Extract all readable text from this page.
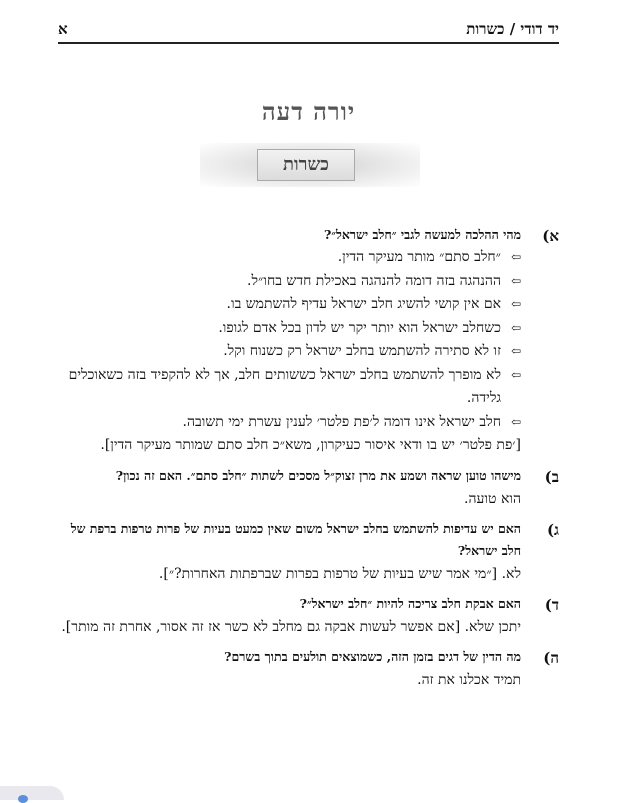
יד דודי / כשרות
א
יורה דעה
כשרות
א)
מהי ההלכה למעשה לגבי ״חלב ישראל״?
⇦
״חלב סתם״ מותר מעיקר הדין.
⇦
ההנהגה בזה דומה להנהגה באכילת חדש בחו״ל.
⇦
אם אין קושי להשיג חלב ישראל עדיף להשתמש בו.
⇦
כשחלב ישראל הוא יותר יקר יש לדון בכל אדם לגופו.
⇦
זו לא סתירה להשתמש בחלב ישראל רק כשנוח וקל.
⇦
לא מופרך להשתמש בחלב ישראל כששותים חלב, אך לא להקפיד בזה כשאוכלים גלידה.
⇦
חלב ישראל אינו דומה ל׳פת פלטר׳ לענין עשרת ימי תשובה.
[׳פת פלטר׳ יש בו ודאי איסור כעיקרון, משא״כ חלב סתם שמותר מעיקר הדין].
ב)
מישהו טוען שראה ושמע את מרן זצוק״ל מסכים לשתות ״חלב סתם״. האם זה נכון?
הוא טועה.
ג)
האם יש עדיפות להשתמש בחלב ישראל משום שאין כמעט בעיות של פרות טרפות ברפת של חלב ישראל?
לא. [״מי אמר שיש בעיות של טרפות בפרות שברפתות האחרות?״].
ד)
האם אבקת חלב צריכה להיות ״חלב ישראל״?
יתכן שלא. [אם אפשר לעשות אבקה גם מחלב לא כשר אז זה אסור, אחרת זה מותר].
ה)
מה הדין של דגים בזמן הזה, כשמוצאים תולעים בתוך בשרם?
תמיד אכלנו את זה.
